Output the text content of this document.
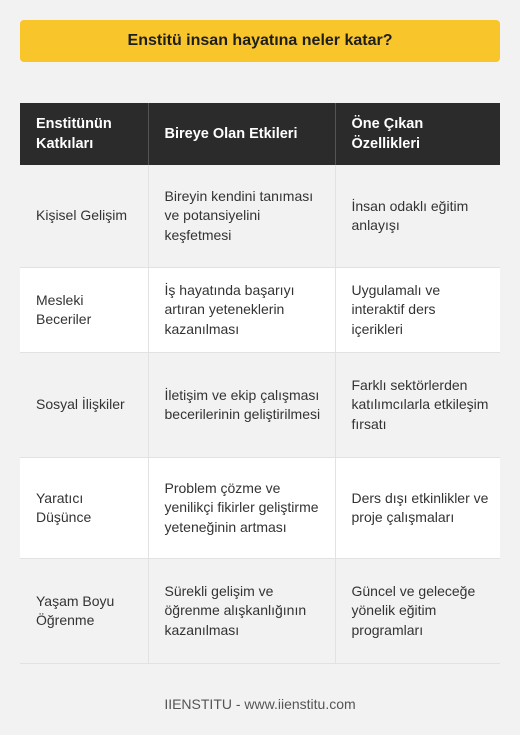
Enstitü insan hayatına neler katar?
Enstitünün Katkıları	Bireye Olan Etkileri	Öne Çıkan Özellikleri
Kişisel Gelişim	Bireyin kendini tanıması ve potansiyelini keşfetmesi	İnsan odaklı eğitim anlayışı
Mesleki Beceriler	İş hayatında başarıyı artıran yeteneklerin kazanılması	Uygulamalı ve interaktif ders içerikleri
Sosyal İlişkiler	İletişim ve ekip çalışması becerilerinin geliştirilmesi	Farklı sektörlerden katılımcılarla etkileşim fırsatı
Yaratıcı Düşünce	Problem çözme ve yenilikçi fikirler geliştirme yeteneğinin artması	Ders dışı etkinlikler ve proje çalışmaları
Yaşam Boyu Öğrenme	Sürekli gelişim ve öğrenme alışkanlığının kazanılması	Güncel ve geleceğe yönelik eğitim programları
IIENSTITU - www.iienstitu.com
